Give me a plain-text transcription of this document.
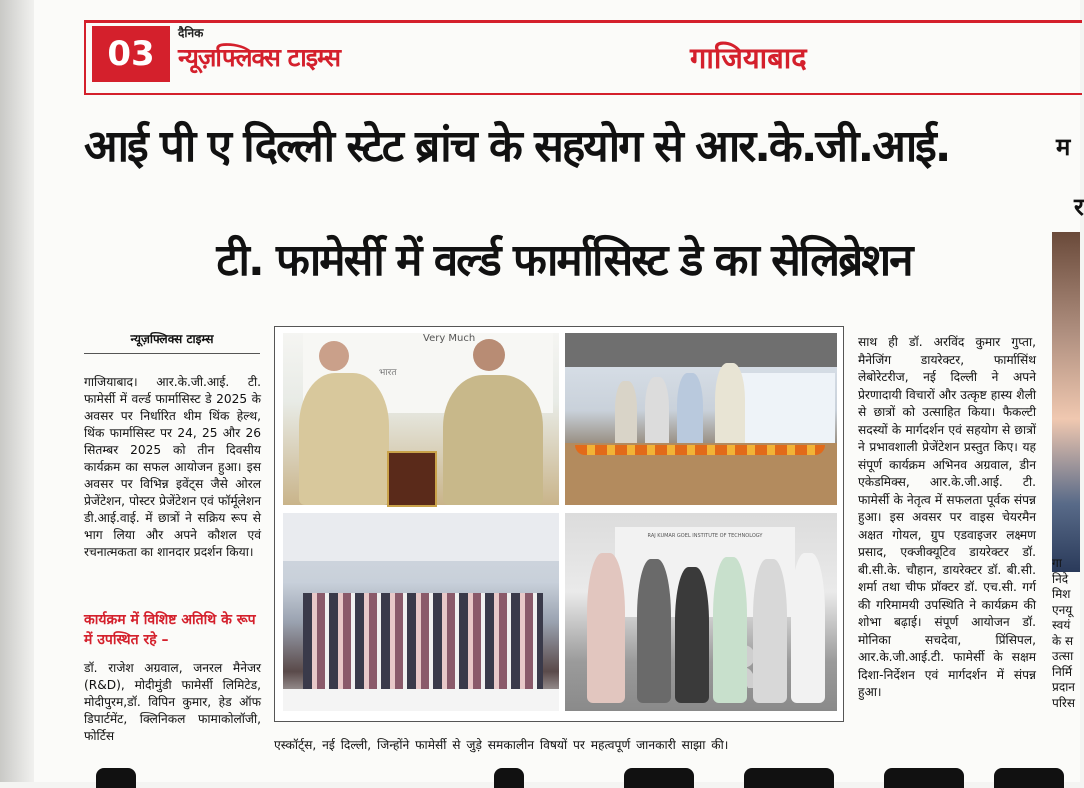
03
दैनिक
न्यूज़फ्लिक्स टाइम्स	गाजियाबाद
आई पी ए दिल्ली स्टेट ब्रांच के सहयोग से आर.के.जी.आई.
टी. फामेर्सी में वर्ल्ड फार्मासिस्ट डे का सेलिब्रेशन
न्यूज़फ्लिक्स टाइम्स
गाजियाबाद। आर.के.जी.आई. टी. फामेर्सी में वर्ल्ड फार्मासिस्ट डे 2025 के अवसर पर निर्धारित थीम थिंक हेल्थ, थिंक फार्मासिस्ट पर 24, 25 और 26 सितम्बर 2025 को तीन दिवसीय कार्यक्रम का सफल आयोजन हुआ। इस अवसर पर विभिन्न इवेंट्स जैसे ओरल प्रेजेंटेशन, पोस्टर प्रेजेंटेशन एवं फॉर्मूलेशन डी.आई.वाई. में छात्रों ने सक्रिय रूप से भाग लिया और अपने कौशल एवं रचनात्मकता का शानदार प्रदर्शन किया।
कार्यक्रम में विशिष्ट अतिथि के रूप में उपस्थित रहे –
डॉ. राजेश अग्रवाल, जनरल मैनेजर (R&D), मोदीमुंडी फामेर्सी लिमिटेड, मोदीपुरम,डॉ. विपिन कुमार, हेड ऑफ डिपार्टमेंट, क्लिनिकल फामाकोलॉजी, फोर्टिस
Very Much
भारत
RAJ KUMAR GOEL INSTITUTE OF TECHNOLOGY
साथ ही डॉ. अरविंद कुमार गुप्ता, मैनेजिंग डायरेक्टर, फार्मासिंथ लेबोरेटरीज, नई दिल्ली ने अपने प्रेरणादायी विचारों और उत्कृष्ट हास्य शैली से छात्रों को उत्साहित किया। फैकल्टी सदस्यों के मार्गदर्शन एवं सहयोग से छात्रों ने प्रभावशाली प्रेजेंटेशन प्रस्तुत किए। यह संपूर्ण कार्यक्रम अभिनव अग्रवाल, डीन एकेडमिक्स, आर.के.जी.आई. टी. फामेर्सी के नेतृत्व में सफलता पूर्वक संपन्न हुआ। इस अवसर पर वाइस चेयरमैन अक्षत गोयल, ग्रुप एडवाइजर लक्ष्मण प्रसाद, एक्जीक्यूटिव डायरेक्टर डॉ. बी.सी.के. चौहान, डायरेक्टर डॉ. बी.सी. शर्मा तथा चीफ प्रॉक्टर डॉ. एच.सी. गर्ग की गरिमामयी उपस्थिति ने कार्यक्रम की शोभा बढ़ाई। संपूर्ण आयोजन डॉ. मोनिका सचदेवा, प्रिंसिपल, आर.के.जी.आई.टी. फामेर्सी के सक्षम दिशा-निर्देशन एवं मार्गदर्शन में संपन्न हुआ।
एस्कॉर्ट्स, नई दिल्ली, जिन्होंने फामेर्सी से जुड़े समकालीन विषयों पर महत्वपूर्ण जानकारी साझा की।
म
र
गा
निदे
मिश
एनयू
स्वयं
के स
उत्सा
निर्मि
प्रदान
परिस
